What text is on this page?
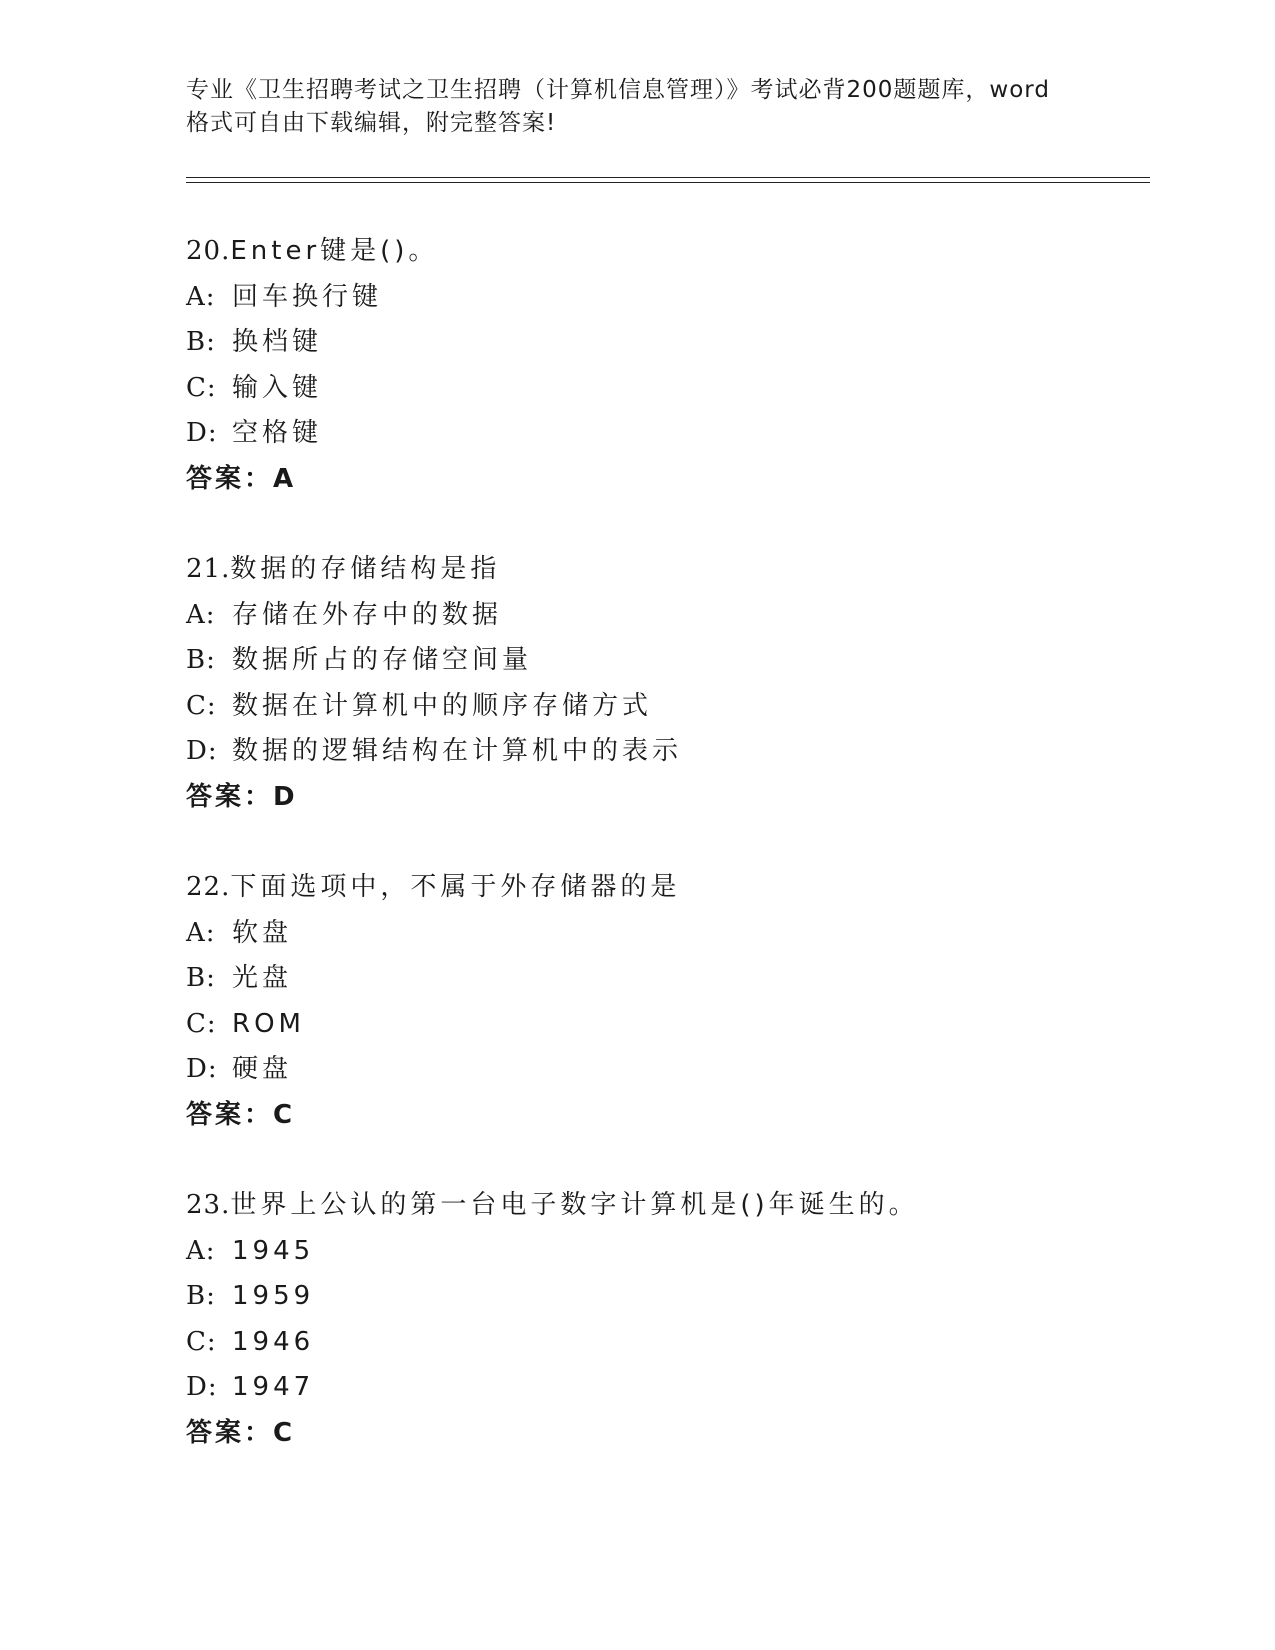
专业《卫生招聘考试之卫生招聘（计算机信息管理）》考试必背200题题库，word
格式可自由下载编辑，附完整答案!
20.Enter键是()。
A: 回车换行键
B: 换档键
C: 输入键
D: 空格键
答案：A
21.数据的存储结构是指
A: 存储在外存中的数据
B: 数据所占的存储空间量
C: 数据在计算机中的顺序存储方式
D: 数据的逻辑结构在计算机中的表示
答案：D
22.下面选项中，不属于外存储器的是
A: 软盘
B: 光盘
C: ROM
D: 硬盘
答案：C
23.世界上公认的第一台电子数字计算机是()年诞生的。
A: 1945
B: 1959
C: 1946
D: 1947
答案：C
